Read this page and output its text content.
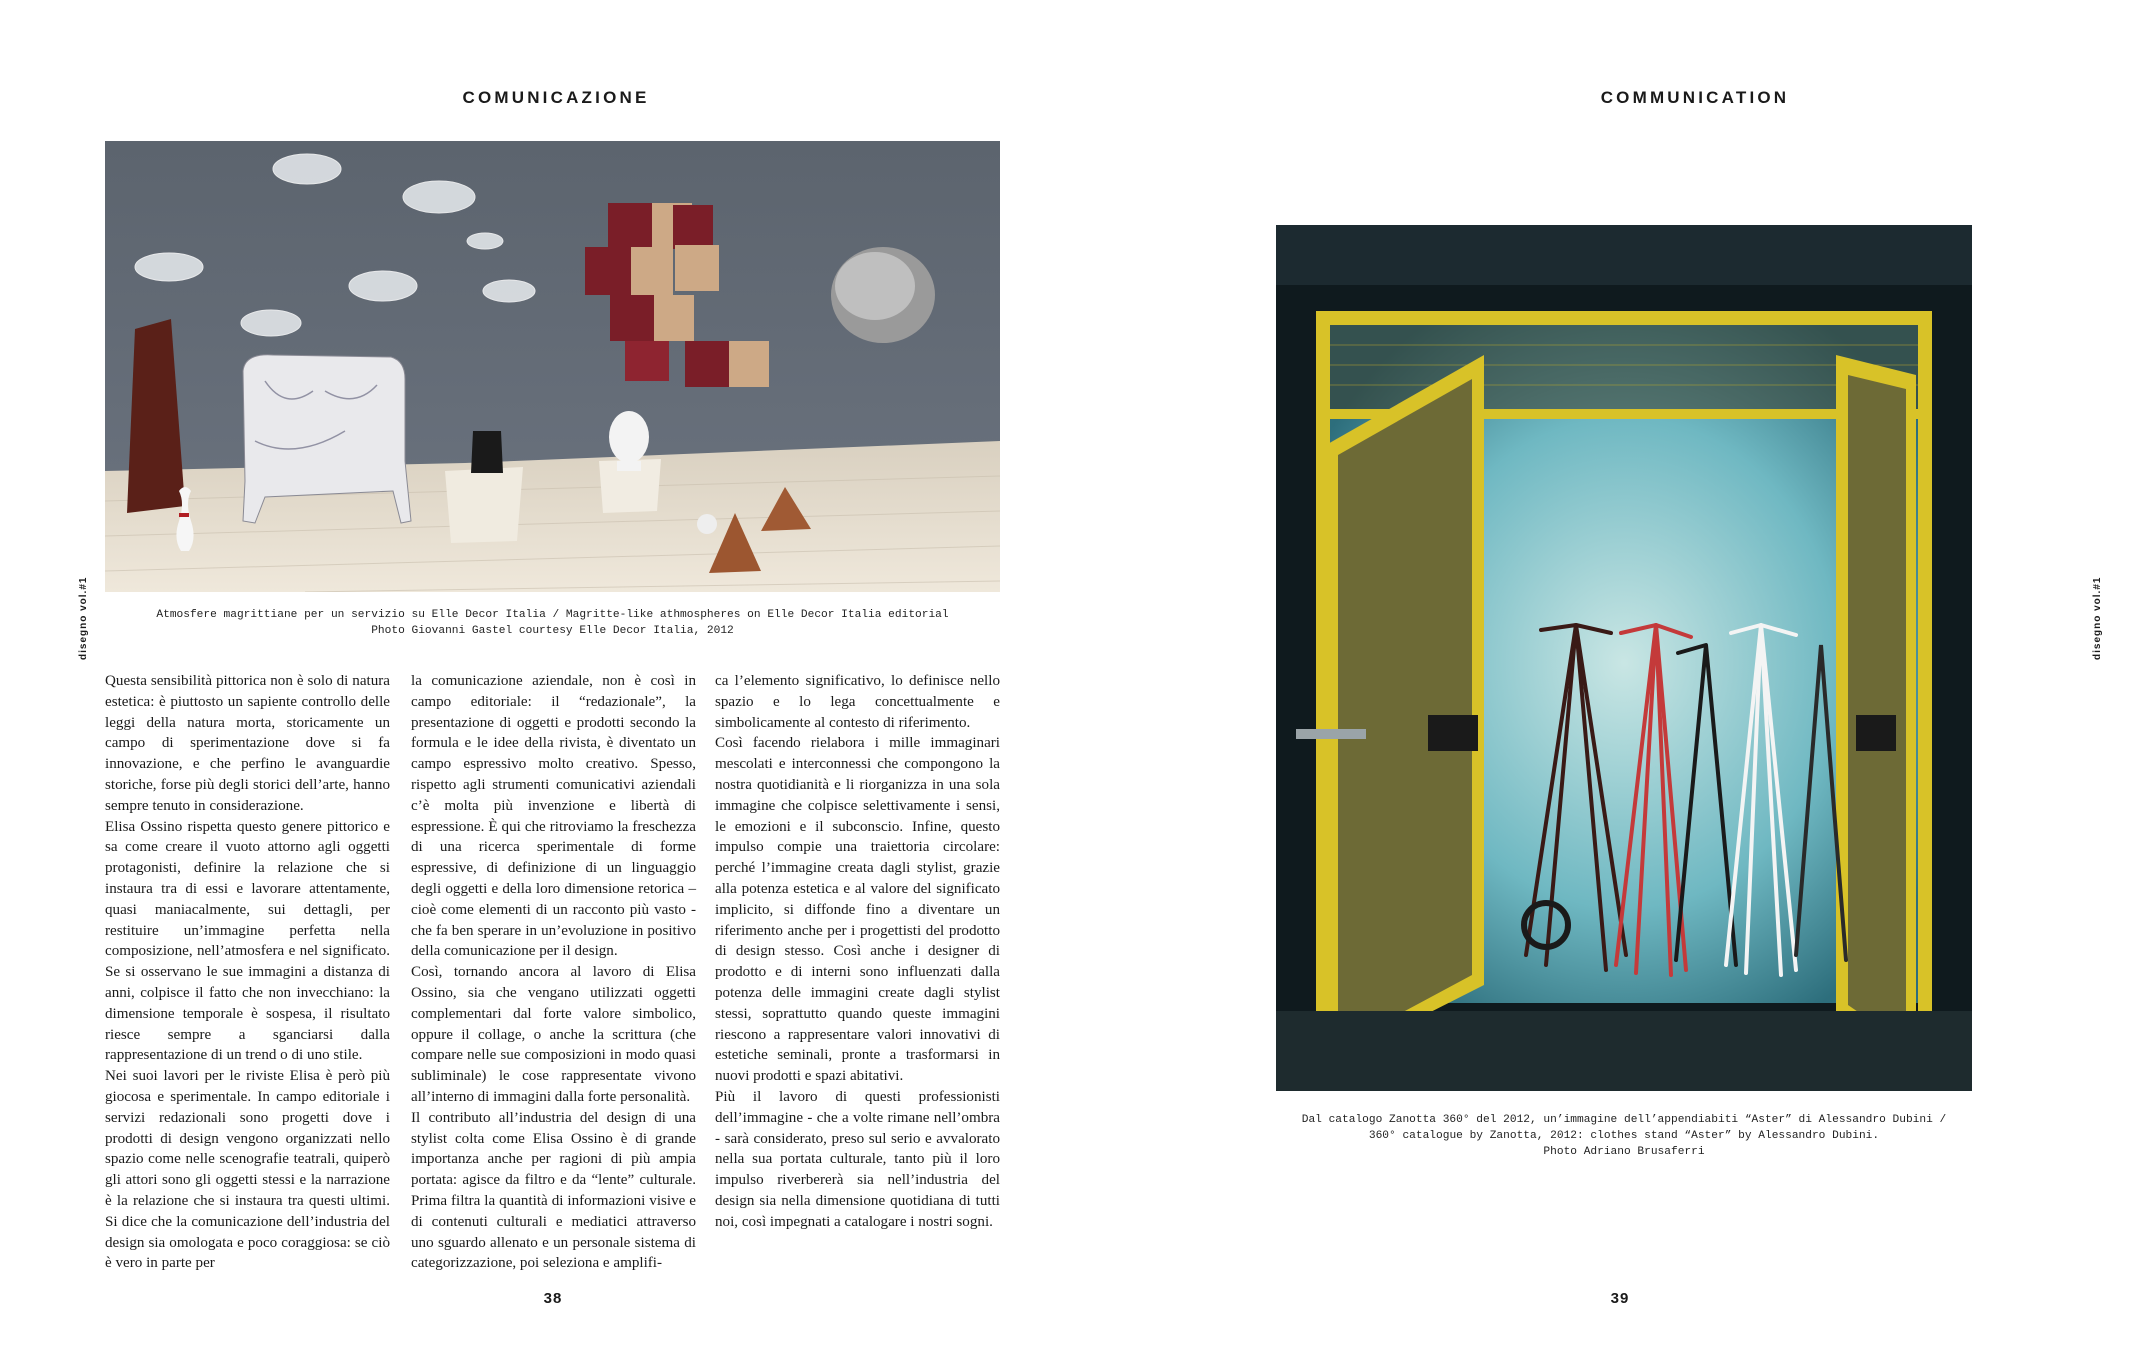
COMUNICAZIONE
disegno vol.#1	Atmosfere magrittiane per un servizio su Elle Decor Italia / Magritte-like athmospheres on Elle Decor Italia editorial
Photo Giovanni Gastel courtesy Elle Decor Italia, 2012

Questa sensibilità pittorica non è solo di natura estetica: è piuttosto un sapiente controllo delle leggi della natura morta, storicamente un campo di sperimentazione dove si fa innovazione, e che perfino le avanguardie storiche, forse più degli storici dell’arte, hanno sempre tenuto in considerazione.

Elisa Ossino rispetta questo genere pittorico e sa come creare il vuoto attorno agli oggetti protagonisti, definire la relazione che si instaura tra di essi e lavorare attentamente, quasi maniacalmente, sui dettagli, per restituire un’immagine perfetta nella composizione, nell’atmosfera e nel significato. Se si osservano le sue immagini a distanza di anni, colpisce il fatto che non invecchiano: la dimensione temporale è sospesa, il risultato riesce sempre a sganciarsi dalla rappresentazione di un trend o di uno stile.

Nei suoi lavori per le riviste Elisa è però più giocosa e sperimentale. In campo editoriale i servizi redazionali sono progetti dove i prodotti di design vengono organizzati nello spazio come nelle scenografie teatrali, quiperò gli attori sono gli oggetti stessi e la narrazione è la relazione che si instaura tra questi ultimi. Si dice che la comunicazione dell’industria del design sia omologata e poco coraggiosa: se ciò è vero in parte per

la comunicazione aziendale, non è così in campo editoriale: il “redazionale”, la presentazione di oggetti e prodotti secondo la formula e le idee della rivista, è diventato un campo espressivo molto creativo. Spesso, rispetto agli strumenti comunicativi aziendali c’è molta più invenzione e libertà di espressione. È qui che ritroviamo la freschezza di una ricerca sperimentale di forme espressive, di definizione di un linguaggio degli oggetti e della loro dimensione retorica – cioè come elementi di un racconto più vasto - che fa ben sperare in un’evoluzione in positivo della comunicazione per il design.

Così, tornando ancora al lavoro di Elisa Ossino, sia che vengano utilizzati oggetti complementari dal forte valore simbolico, oppure il collage, o anche la scrittura (che compare nelle sue composizioni in modo quasi subliminale) le cose rappresentate vivono all’interno di immagini dalla forte personalità.

Il contributo all’industria del design di una stylist colta come Elisa Ossino è di grande importanza anche per ragioni di più ampia portata: agisce da filtro e da “lente” culturale. Prima filtra la quantità di informazioni visive e di contenuti culturali e mediatici attraverso uno sguardo allenato e un personale sistema di categorizzazione, poi seleziona e amplifi-

ca l’elemento significativo, lo definisce nello spazio e lo lega concettualmente e simbolicamente al contesto di riferimento.

Così facendo rielabora i mille immaginari mescolati e interconnessi che compongono la nostra quotidianità e li riorganizza in una sola immagine che colpisce selettivamente i sensi, le emozioni e il subconscio. Infine, questo impulso compie una traiettoria circolare: perché l’immagine creata dagli stylist, grazie alla potenza estetica e al valore del significato implicito, si diffonde fino a diventare un riferimento anche per i progettisti del prodotto di design stesso. Così anche i designer di prodotto e di interni sono influenzati dalla potenza delle immagini create dagli stylist stessi, soprattutto quando queste immagini riescono a rappresentare valori innovativi di estetiche seminali, pronte a trasformarsi in nuovi prodotti e spazi abitativi.

Più il lavoro di questi professionisti dell’immagine - che a volte rimane nell’ombra - sarà considerato, preso sul serio e avvalorato nella sua portata culturale, tanto più il loro impulso riverbererà sia nell’industria del design sia nella dimensione quotidiana di tutti noi, così impegnati a catalogare i nostri sogni.

38
COMMUNICATION
disegno vol.#1
Dal catalogo Zanotta 360° del 2012, un’immagine dell’appendiabiti “Aster” di Alessandro Dubini /
360° catalogue by Zanotta, 2012: clothes stand “Aster” by Alessandro Dubini.
Photo Adriano Brusaferri
39
